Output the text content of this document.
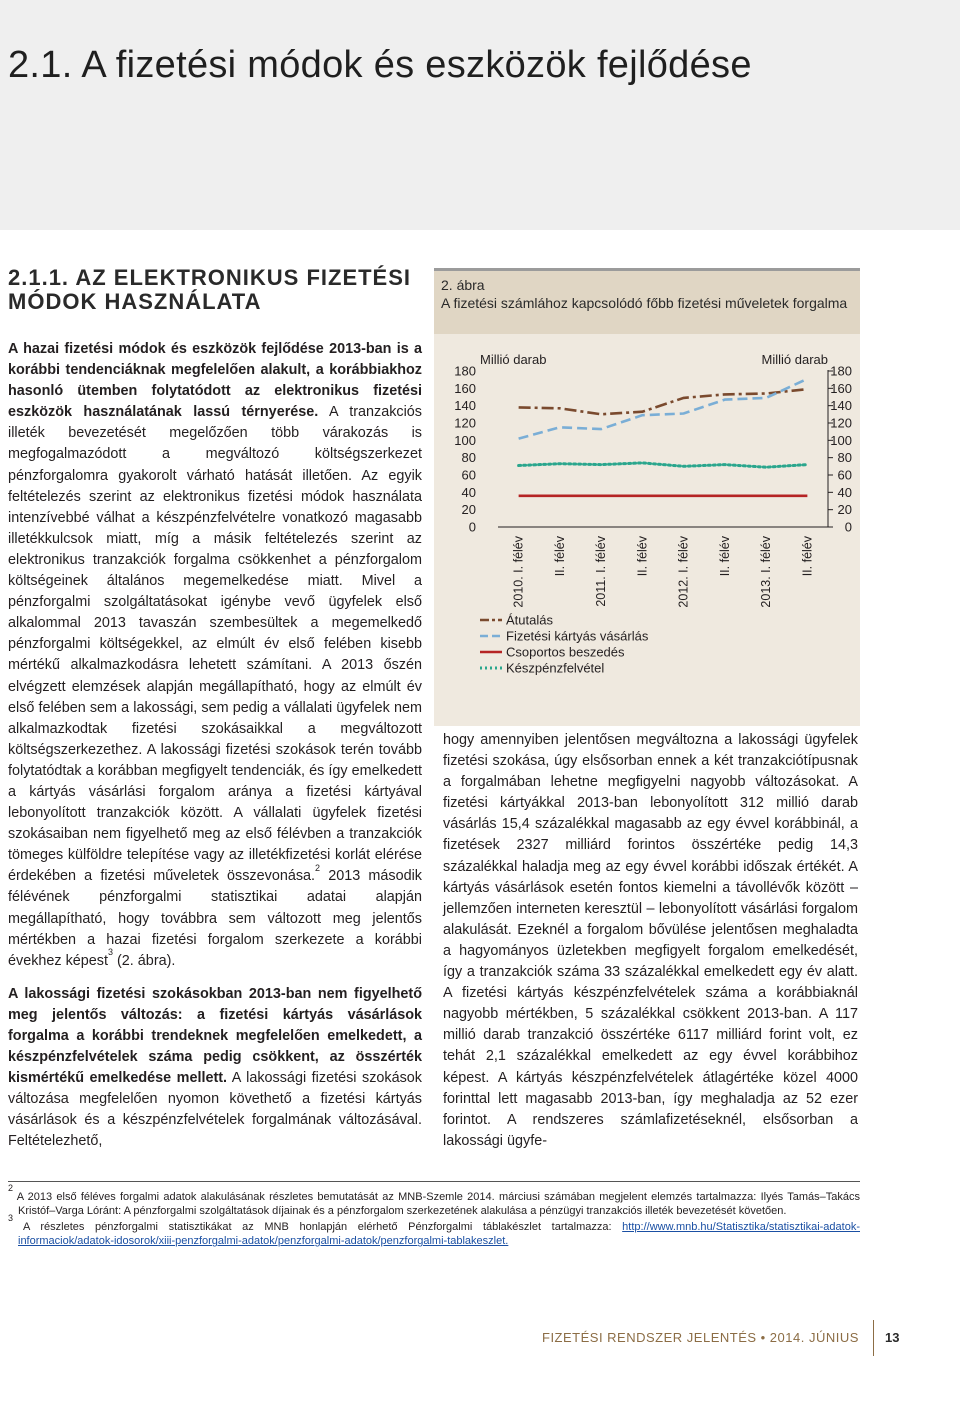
2.1. A fizetési módok és eszközök fejlődése
2.1.1. AZ ELEKTRONIKUS FIZETÉSI MÓDOK HASZNÁLATA

A hazai fizetési módok és eszközök fejlődése 2013-ban is a korábbi tendenciáknak megfelelően alakult, a korábbiakhoz hasonló ütemben folytatódott az elektronikus fizetési eszközök használatának lassú térnyerése. A tranzakciós illeték bevezetését megelőzően több várakozás is megfogalmazódott a megváltozó költségszerkezet pénzforgalomra gyakorolt várható hatását illetően. Az egyik feltételezés szerint az elektronikus fizetési módok használata intenzívebbé válhat a készpénzfelvételre vonatkozó magasabb illetékkulcsok miatt, míg a másik feltételezés szerint az elektronikus tranzakciók forgalma csökkenhet a pénzforgalom költségeinek általános megemelkedése miatt. Mivel a pénzforgalmi szolgáltatásokat igénybe vevő ügyfelek első alkalommal 2013 tavaszán szembesültek a megemelkedő pénzforgalmi költségekkel, az elmúlt év első felében kisebb mértékű alkalmazkodásra lehetett számítani. A 2013 őszén elvégzett elemzések alapján megállapítható, hogy az elmúlt év első felében sem a lakossági, sem pedig a vállalati ügyfelek nem alkalmazkodtak fizetési szokásaikkal a megváltozott költségszerkezethez. A lakossági fizetési szokások terén tovább folytatódtak a korábban megfigyelt tendenciák, és így emelkedett a kártyás vásárlási forgalom aránya a fizetési kártyával lebonyolított tranzakciók között. A vállalati ügyfelek fizetési szokásaiban nem figyelhető meg az első félévben a tranzakciók tömeges külföldre telepítése vagy az illetékfizetési korlát elérése érdekében a fizetési műveletek összevonása.$^2$ 2013 második félévének pénzforgalmi statisztikai adatai alapján megállapítható, hogy továbbra sem változott meg jelentős mértékben a hazai fizetési forgalom szerkezete a korábbi évekhez képest$^3$ (2. ábra).

A lakossági fizetési szokásokban 2013-ban nem figyelhető meg jelentős változás: a fizetési kártyás vásárlások forgalma a korábbi trendeknek megfelelően emelkedett, a készpénzfelvételek száma pedig csökkent, az összérték kismértékű emelkedése mellett. A lakossági fizetési szokások változása megfelelően nyomon követhető a fizetési kártyás vásárlások és a készpénzfelvételek forgalmának változásával. Feltételezhető,

2. ábra
A fizetési számlához kapcsolódó főbb fizetési műveletek forgalma
Millió darab	Millió darab
180
160
140
120
100
80
60
40
20
0
180
160
140
120
100
80
60
40
20
0
2010. I. félév II. félév 2011. I. félév II. félév 2012. I. félév II. félév 2013. I. félév II. félév
Átutalás
Fizetési kártyás vásárlás
Csoportos beszedés
Készpénzfelvétel

hogy amennyiben jelentősen megváltozna a lakossági ügyfelek fizetési szokása, úgy elsősorban ennek a két tranzakciótípusnak a forgalmában lehetne megfigyelni nagyobb változásokat. A fizetési kártyákkal 2013-ban lebonyolított 312 millió darab vásárlás 15,4 százalékkal magasabb az egy évvel korábbinál, a fizetések 2327 milliárd forintos összértéke pedig 14,3 százalékkal haladja meg az egy évvel korábbi időszak értékét. A kártyás vásárlások esetén fontos kiemelni a távollévők között – jellemzően interneten keresztül – lebonyolított vásárlási forgalom alakulását. Ezeknél a forgalom bővülése jelentősen meghaladta a hagyományos üzletekben megfigyelt forgalom emelkedését, így a tranzakciók száma 33 százalékkal emelkedett egy év alatt. A fizetési kártyás készpénzfelvételek száma a korábbiaknál nagyobb mértékben, 5 százalékkal csökkent 2013-ban. A 117 millió darab tranzakció összértéke 6117 milliárd forint volt, ez tehát 2,1 százalékkal emelkedett az egy évvel korábbihoz képest. A kártyás készpénzfelvételek átlagértéke közel 4000 forinttal lett magasabb 2013-ban, így meghaladja az 52 ezer forintot. A rendszeres számlafizetéseknél, elsősorban a lakossági ügyfe-

$^2$ A 2013 első féléves forgalmi adatok alakulásának részletes bemutatását az MNB-Szemle 2014. márciusi számában megjelent elemzés tartalmazza: Ilyés Tamás–Takács Kristóf–Varga Lóránt: A pénzforgalmi szolgáltatások díjainak és a pénzforgalom szerkezetének alakulása a pénzügyi tranzakciós illeték bevezetését követően.
$^3$ A részletes pénzforgalmi statisztikákat az MNB honlapján elérhető Pénzforgalmi táblakészlet tartalmazza: http://www.mnb.hu/Statisztika/statisztikai-adatok-informaciok/adatok-idosorok/xiii-penzforgalmi-adatok/penzforgalmi-adatok/penzforgalmi-tablakeszlet.
FIZETÉSI RENDSZER JELENTÉS • 2014. JÚNIUS 13
